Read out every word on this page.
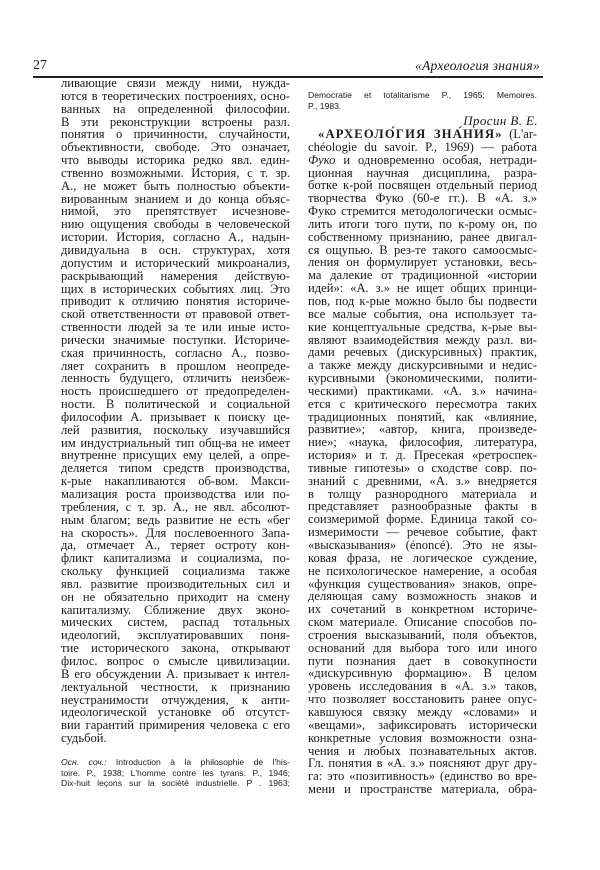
27	«Археология знания»
ливающие связи между ними, нужда-
ются в теоретических построениях, осно-
ванных на определенной философии.
В эти реконструкции встроены разл.
понятия о причинности, случайности,
объективности, свободе. Это означает,
что выводы историка редко явл. един-
ственно возможными. История, с т. зр.
А., не может быть полностью объекти-
вированным знанием и до конца объяс-
нимой, это препятствует исчезнове-
нию ощущения свободы в человеческой
истории. История, согласно А., надын-
дивидуальна в осн. структурах, хотя
допустим и исторический микроанализ,
раскрывающий намерения действую-
щих в исторических событиях лиц. Это
приводит к отличию понятия историче-
ской ответственности от правовой ответ-
ственности людей за те или иные исто-
рически значимые поступки. Историче-
ская причинность, согласно А., позво-
ляет сохранить в прошлом неопреде-
ленность будущего, отличить неизбеж-
ность происшедшего от предопределен-
ности. В политической и социальной
философии А. призывает к поиску це-
лей развития, поскольку изучавшийся
им индустриальный тип общ-ва не имеет
внутренне присущих ему целей, а опре-
деляется типом средств производства,
к-рые накапливаются об-вом. Макси-
мализация роста производства или по-
требления, с т. зр. А., не явл. абсолют-
ным благом; ведь развитие не есть «бег
на скорость». Для послевоенного Запа-
да, отмечает А., теряет остроту кон-
фликт капитализма и социализма, по-
скольку функцией социализма также
явл. развитие производительных сил и
он не обязательно приходит на смену
капитализму. Сближение двух эконо-
мических систем, распад тотальных
идеологий, эксплуатировавших поня-
тие исторического закона, открывают
филос. вопрос о смысле цивилизации.
В его обсуждении А. призывает к интел-
лектуальной честности, к признанию
неустранимости отчуждения, к анти-
идеологической установке об отсутст-
вии гарантий примирения человека с его
судьбой.
Осн. соч.: Introduction à la philosophie de l'his-
toire. P., 1938; L'homme contre les tyrans. P., 1946;
Dix-huit leçons sur la société industrielle. P . 1963;
Democratie et totalitarisme P., 1965; Memoires.
P., 1983.
Просин В. Е.
«АРХЕОЛО́ГИЯ ЗНА́НИЯ» (L'ar-
chéologie du savoir. P., 1969) — работа
Фуко и одновременно особая, нетради-
ционная научная дисциплина, разра-
ботке к-рой посвящен отдельный период
творчества Фуко (60-е гг.). В «А. з.»
Фуко стремится методологически осмыс-
лить итоги того пути, по к-рому он, по
собственному признанию, ранее двигал-
ся ощупью. В рез-те такого самоосмыс-
ления он формулирует установки, весь-
ма далекие от традиционной «истории
идей»: «А. з.» не ищет общих принци-
пов, под к-рые можно было бы подвести
все малые события, она использует та-
кие концептуальные средства, к-рые вы-
являют взаимодействия между разл. ви-
дами речевых (дискурсивных) практик,
а также между дискурсивными и недис-
курсивными (экономическими, полити-
ческими) практиками. «А. з.» начина-
ется с критического пересмотра таких
традиционных понятий, как «влияние,
развитие»; «автор, книга, произведе-
ние»; «наука, философия, литература,
история» и т. д. Пресекая «ретроспек-
тивные гипотезы» о сходстве совр. по-
знаний с древними, «А. з.» внедряется
в толщу разнородного материала и
представляет разнообразные факты в
соизмеримой форме. Единица такой со-
измеримости — речевое событие, факт
«высказывания» (énoncé). Это не язы-
ковая фраза, не логическое суждение,
не психологическое намерение, а особая
«функция существования» знаков, опре-
деляющая саму возможность знаков и
их сочетаний в конкретном историче-
ском материале. Описание способов по-
строения высказываний, поля объектов,
оснований для выбора того или иного
пути познания дает в совокупности
«дискурсивную формацию». В целом
уровень исследования в «А. з.» таков,
что позволяет восстановить ранее опус-
кавшуюся связку между «словами» и
«вещами», зафиксировать исторически
конкретные условия возможности озна-
чения и любых познавательных актов.
Гл. понятия в «А. з.» поясняют друг дру-
га: это «позитивность» (единство во вре-
мени и пространстве материала, обра-
